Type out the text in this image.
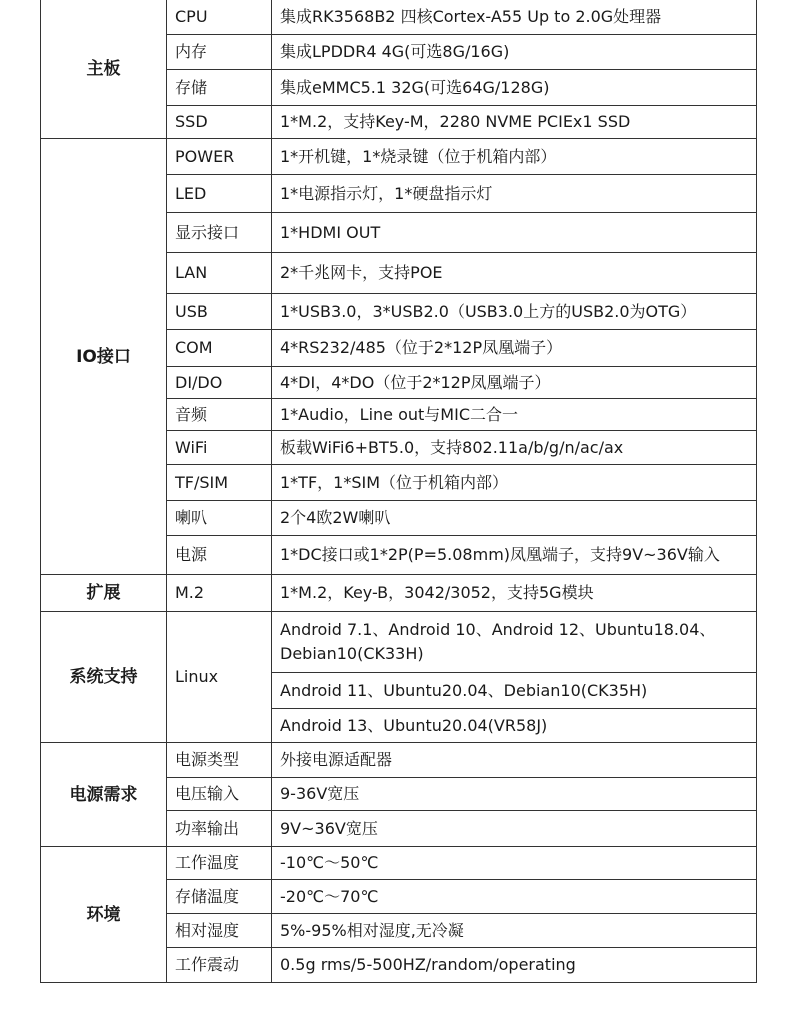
主板	CPU	集成RK3568B2 四核Cortex-A55 Up to 2.0G处理器
	内存	集成LPDDR4 4G(可选8G/16G)
	存储	集成eMMC5.1 32G(可选64G/128G)
	SSD	1*M.2，支持Key-M，2280 NVME PCIEx1 SSD
IO接口	POWER	1*开机键，1*烧录键（位于机箱内部）
	LED	1*电源指示灯，1*硬盘指示灯
	显示接口	1*HDMI OUT
	LAN	2*千兆网卡，支持POE
	USB	1*USB3.0，3*USB2.0（USB3.0上方的USB2.0为OTG）
	COM	4*RS232/485（位于2*12P凤凰端子）
	DI/DO	4*DI，4*DO（位于2*12P凤凰端子）
	音频	1*Audio，Line out与MIC二合一
	WiFi	板载WiFi6+BT5.0，支持802.11a/b/g/n/ac/ax
	TF/SIM	1*TF，1*SIM（位于机箱内部）
	喇叭	2个4欧2W喇叭
	电源	1*DC接口或1*2P(P=5.08mm)凤凰端子，支持9V~36V输入
扩展	M.2	1*M.2，Key-B，3042/3052，支持5G模块
系统支持	Linux	Android 7.1、Android 10、Android 12、Ubuntu18.04、Debian10(CK33H)
		Android 11、Ubuntu20.04、Debian10(CK35H)
		Android 13、Ubuntu20.04(VR58J)
电源需求	电源类型	外接电源适配器
	电压输入	9-36V宽压
	功率输出	9V~36V宽压
环境	工作温度	-10℃～50℃
	存储温度	-20℃～70℃
	相对湿度	5%-95%相对湿度,无冷凝
	工作震动	0.5g rms/5-500HZ/random/operating
